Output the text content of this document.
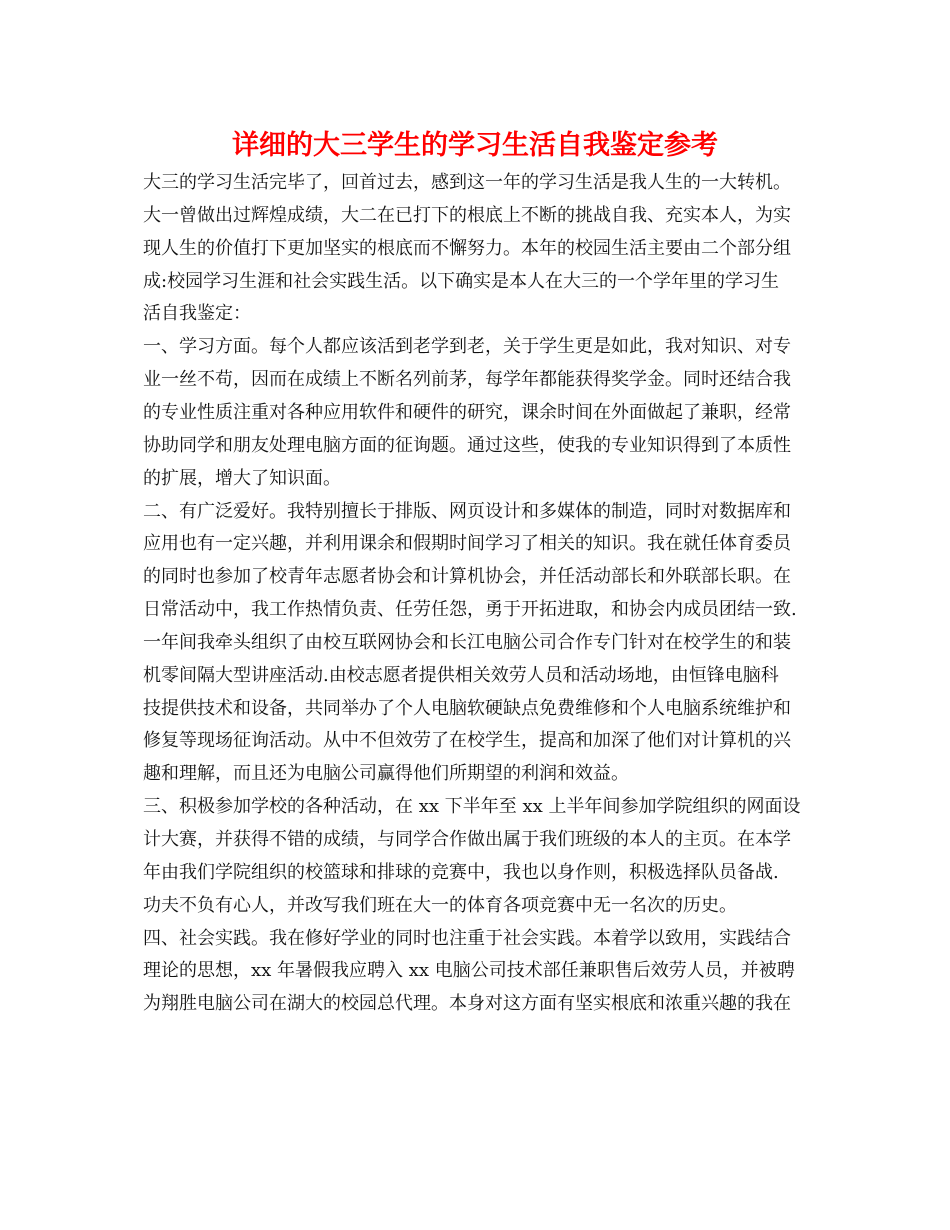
详细的大三学生的学习生活自我鉴定参考
大三的学习生活完毕了，回首过去，感到这一年的学习生活是我人生的一大转机。
大一曾做出过辉煌成绩，大二在已打下的根底上不断的挑战自我、充实本人，为实
现人生的价值打下更加坚实的根底而不懈努力。本年的校园生活主要由二个部分组
成:校园学习生涯和社会实践生活。以下确实是本人在大三的一个学年里的学习生
活自我鉴定：
一、学习方面。每个人都应该活到老学到老，关于学生更是如此，我对知识、对专
业一丝不苟，因而在成绩上不断名列前茅，每学年都能获得奖学金。同时还结合我
的专业性质注重对各种应用软件和硬件的研究，课余时间在外面做起了兼职，经常
协助同学和朋友处理电脑方面的征询题。通过这些，使我的专业知识得到了本质性
的扩展，增大了知识面。
二、有广泛爱好。我特别擅长于排版、网页设计和多媒体的制造，同时对数据库和
应用也有一定兴趣，并利用课余和假期时间学习了相关的知识。我在就任体育委员
的同时也参加了校青年志愿者协会和计算机协会，并任活动部长和外联部长职。在
日常活动中，我工作热情负责、任劳任怨，勇于开拓进取，和协会内成员团结一致.
一年间我牵头组织了由校互联网协会和长江电脑公司合作专门针对在校学生的和装
机零间隔大型讲座活动.由校志愿者提供相关效劳人员和活动场地，由恒锋电脑科
技提供技术和设备，共同举办了个人电脑软硬缺点免费维修和个人电脑系统维护和
修复等现场征询活动。从中不但效劳了在校学生，提高和加深了他们对计算机的兴
趣和理解，而且还为电脑公司赢得他们所期望的利润和效益。
三、积极参加学校的各种活动，在 xx 下半年至 xx 上半年间参加学院组织的网面设
计大赛，并获得不错的成绩，与同学合作做出属于我们班级的本人的主页。在本学
年由我们学院组织的校篮球和排球的竞赛中，我也以身作则，积极选择队员备战.
功夫不负有心人，并改写我们班在大一的体育各项竞赛中无一名次的历史。
四、社会实践。我在修好学业的同时也注重于社会实践。本着学以致用，实践结合
理论的思想，xx 年暑假我应聘入 xx 电脑公司技术部任兼职售后效劳人员，并被聘
为翔胜电脑公司在湖大的校园总代理。本身对这方面有坚实根底和浓重兴趣的我在
